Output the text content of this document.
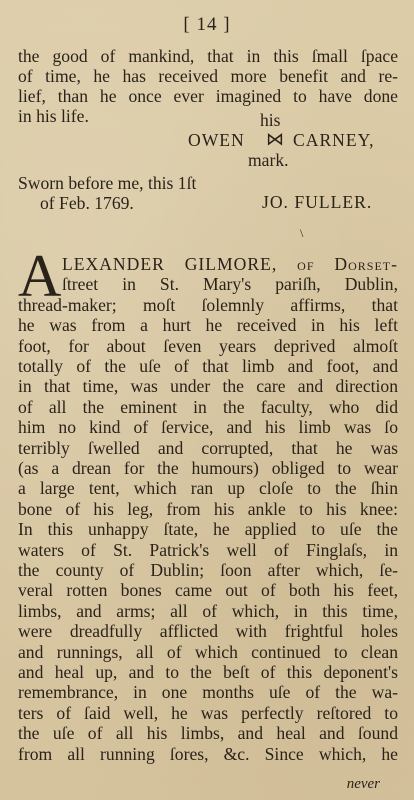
[ 14 ]
the good of mankind, that in this ſmall ſpace
of time, he has received more benefit and re-
lief, than he once ever imagined to have done
in his life.	his
OWEN ⋈ CARNEY,
mark.
Sworn before me, this 1ſt
of Feb. 1769.	JO. FULLER.
\
A LEXANDER GILMORE, of Dorſet-
ſtreet in St. Mary's pariſh, Dublin,
thread-maker; moſt ſolemnly affirms, that
he was from a hurt he received in his left
foot, for about ſeven years deprived almoſt
totally of the uſe of that limb and foot, and
in that time, was under the care and direction
of all the eminent in the faculty, who did
him no kind of ſervice, and his limb was ſo
terribly ſwelled and corrupted, that he was
(as a drean for the humours) obliged to wear
a large tent, which ran up cloſe to the ſhin
bone of his leg, from his ankle to his knee:
In this unhappy ſtate, he applied to uſe the
waters of St. Patrick's well of Finglaſs, in
the county of Dublin; ſoon after which, ſe-
veral rotten bones came out of both his feet,
limbs, and arms; all of which, in this time,
were dreadfully afflicted with frightful holes
and runnings, all of which continued to clean
and heal up, and to the beſt of this deponent's
remembrance, in one months uſe of the wa-
ters of ſaid well, he was perfectly reſtored to
the uſe of all his limbs, and heal and ſound
from all running ſores, &c. Since which, he
never
